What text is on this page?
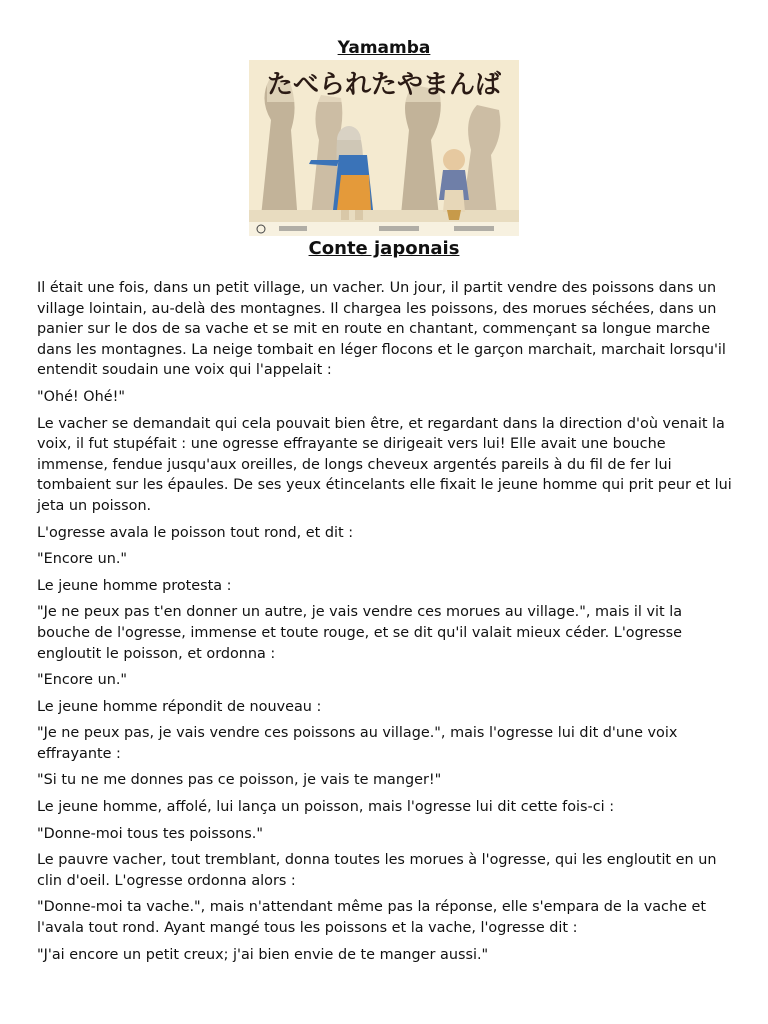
Yamamba
たべられたやまんば
Conte japonais

Il était une fois, dans un petit village, un vacher. Un jour, il partit vendre des poissons dans un village lointain, au-delà des montagnes. Il chargea les poissons, des morues séchées, dans un panier sur le dos de sa vache et se mit en route en chantant, commençant sa longue marche dans les montagnes. La neige tombait en léger flocons et le garçon marchait, marchait lorsqu'il entendit soudain une voix qui l'appelait :

"Ohé! Ohé!"

Le vacher se demandait qui cela pouvait bien être, et regardant dans la direction d'où venait la voix, il fut stupéfait : une ogresse effrayante se dirigeait vers lui! Elle avait une bouche immense, fendue jusqu'aux oreilles, de longs cheveux argentés pareils à du fil de fer lui tombaient sur les épaules. De ses yeux étincelants elle fixait le jeune homme qui prit peur et lui jeta un poisson.

L'ogresse avala le poisson tout rond, et dit :

"Encore un."

Le jeune homme protesta :

"Je ne peux pas t'en donner un autre, je vais vendre ces morues au village.", mais il vit la bouche de l'ogresse, immense et toute rouge, et se dit qu'il valait mieux céder. L'ogresse engloutit le poisson, et ordonna :

"Encore un."

Le jeune homme répondit de nouveau :

"Je ne peux pas, je vais vendre ces poissons au village.", mais l'ogresse lui dit d'une voix effrayante :

"Si tu ne me donnes pas ce poisson, je vais te manger!"

Le jeune homme, affolé, lui lança un poisson, mais l'ogresse lui dit cette fois-ci :

"Donne-moi tous tes poissons."

Le pauvre vacher, tout tremblant, donna toutes les morues à l'ogresse, qui les engloutit en un clin d'oeil. L'ogresse ordonna alors :

"Donne-moi ta vache.", mais n'attendant même pas la réponse, elle s'empara de la vache et l'avala tout rond. Ayant mangé tous les poissons et la vache, l'ogresse dit :

"J'ai encore un petit creux; j'ai bien envie de te manger aussi."
